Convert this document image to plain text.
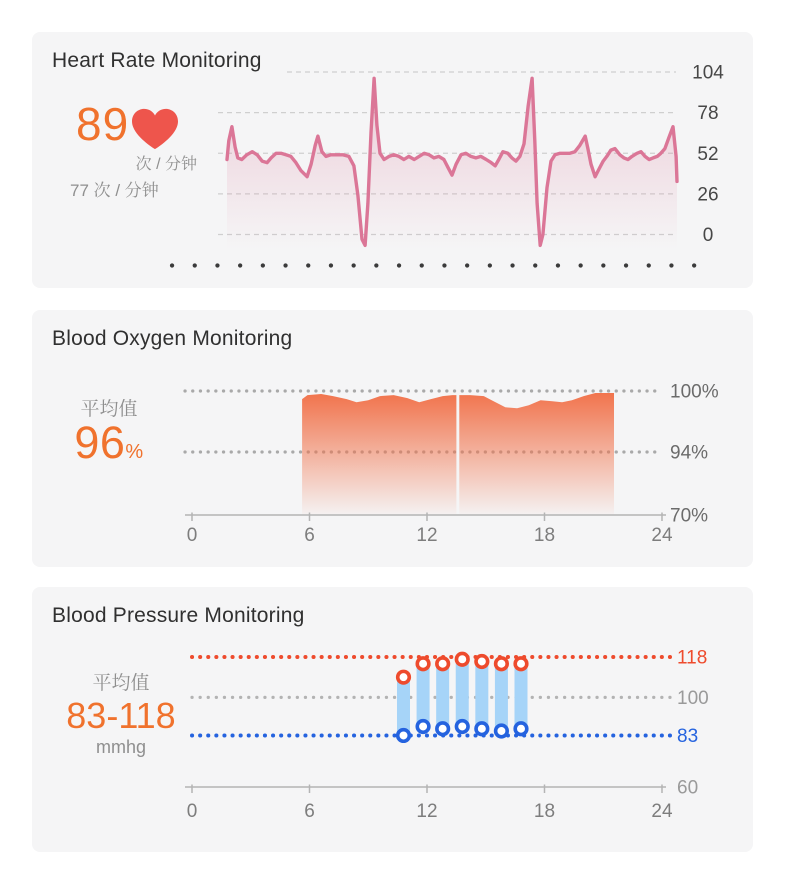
Heart Rate Monitoring
89
次 / 分钟
77 次 / 分钟
104
78
52
26
0
Blood Oxygen Monitoring
平均值
96%
100%
94%
0	6	12	18	24
70%
Blood Pressure Monitoring
平均值
83-118
mmhg
118
100
83
0	6	12	18	24
60
